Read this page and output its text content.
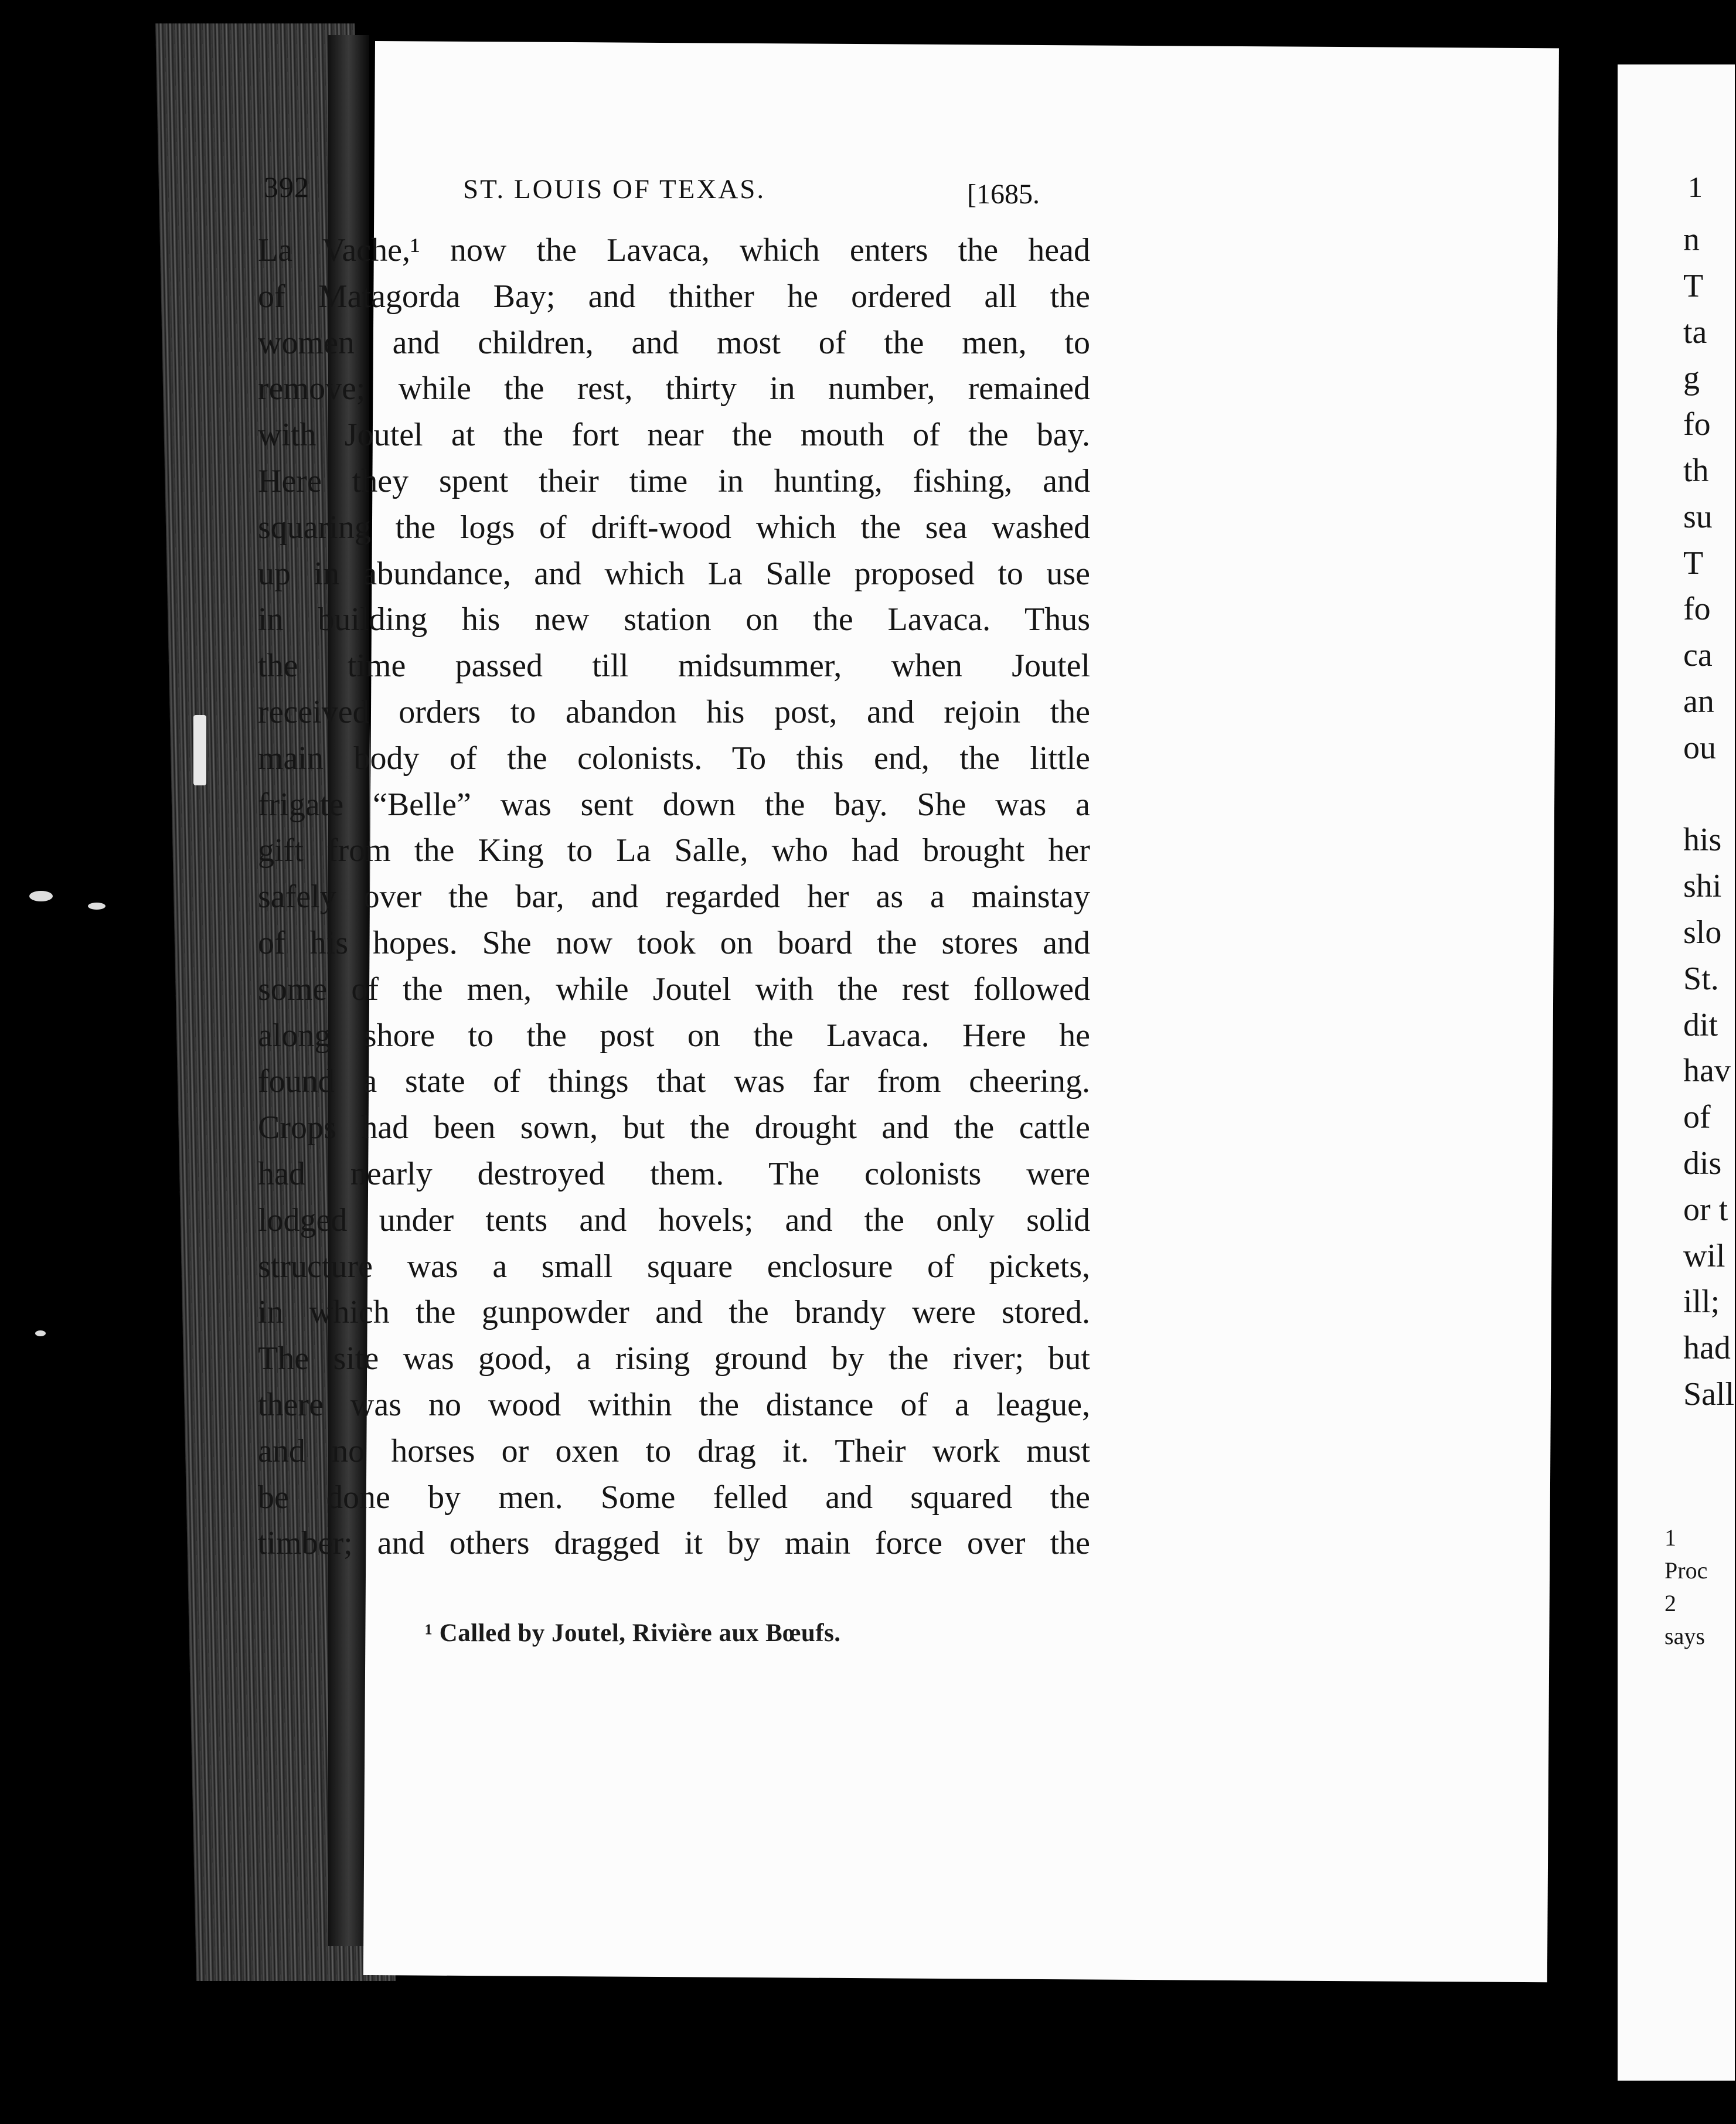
392	ST. LOUIS OF TEXAS.	[1685.
La Vache,¹ now the Lavaca, which enters the head
of Matagorda Bay; and thither he ordered all the
women and children, and most of the men, to
remove; while the rest, thirty in number, remained
with Joutel at the fort near the mouth of the bay.
Here they spent their time in hunting, fishing, and
squaring the logs of drift-wood which the sea washed
up in abundance, and which La Salle proposed to use
in building his new station on the Lavaca. Thus
the time passed till midsummer, when Joutel
received orders to abandon his post, and rejoin the
main body of the colonists. To this end, the little
frigate “Belle” was sent down the bay. She was a
gift from the King to La Salle, who had brought her
safely over the bar, and regarded her as a mainstay
of his hopes. She now took on board the stores and
some of the men, while Joutel with the rest followed
along shore to the post on the Lavaca. Here he
found a state of things that was far from cheering.
Crops had been sown, but the drought and the cattle
had nearly destroyed them. The colonists were
lodged under tents and hovels; and the only solid
structure was a small square enclosure of pickets,
in which the gunpowder and the brandy were stored.
The site was good, a rising ground by the river; but
there was no wood within the distance of a league,
and no horses or oxen to drag it. Their work must
be done by men. Some felled and squared the
timber; and others dragged it by main force over the
¹ Called by Joutel, Rivière aux Bœufs.
n
T
ta
g
fo
th
su
T
fo
ca
an
ou
his
shi
slo
St.
dit
hav
of
dis
or t
wil
ill;
had
Sall
1
Proc
2
says
1
